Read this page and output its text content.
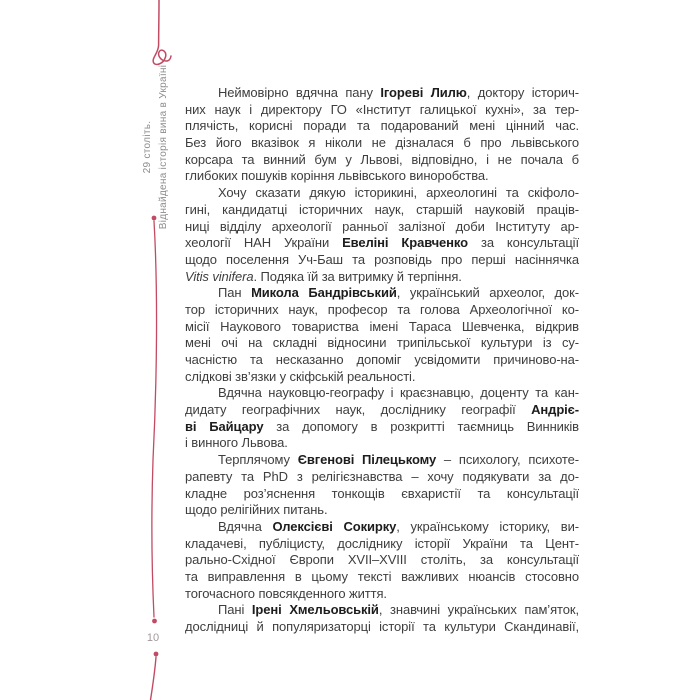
29 століть. Віднайдена історія вина в Україні
10
Неймовірно вдячна пану Ігореві Лилю, доктору історич-
них наук і директору ГО «Інститут галицької кухні», за тер-
плячість, корисні поради та подарований мені цінний час.
Без його вказівок я ніколи не дізналася б про львівського
корсара та винний бум у Львові, відповідно, і не почала б
глибоких пошуків коріння львівського виноробства.
Хочу сказати дякую історикині, археологині та скіфоло-
гині, кандидатці історичних наук, старшій науковій праців-
ниці відділу археології ранньої залізної доби Інституту ар-
хеології НАН України Евеліні Кравченко за консультації
щодо поселення Уч-Баш та розповідь про перші насіннячка
Vitis vinifera. Подяка їй за витримку й терпіння.
Пан Микола Бандрівський, український археолог, док-
тор історичних наук, професор та голова Археологічної ко-
місії Наукового товариства імені Тараса Шевченка, відкрив
мені очі на складні відносини трипільської культури із су-
часністю та несказанно допоміг усвідомити причиново-на-
слідкові зв’язки у скіфській реальності.
Вдячна науковцю-географу і краєзнавцю, доценту та кан-
дидату географічних наук, досліднику географії Андріє-
ві Байцару за допомогу в розкритті таємниць Винників
і винного Львова.
Терплячому Євгенові Пілецькому – психологу, психоте-
рапевту та PhD з релігієзнавства – хочу подякувати за до-
кладне роз’яснення тонкощів євхаристії та консультації
щодо релігійних питань.
Вдячна Олексієві Сокирку, українському історику, ви-
кладачеві, публіцисту, досліднику історії України та Цент-
рально-Східної Європи XVII–XVIII століть, за консультації
та виправлення в цьому тексті важливих нюансів стосовно
тогочасного повсякденного життя.
Пані Ірені Хмельовській, знавчині українських пам’яток,
дослідниці й популяризаторці історії та культури Скандинавії,
